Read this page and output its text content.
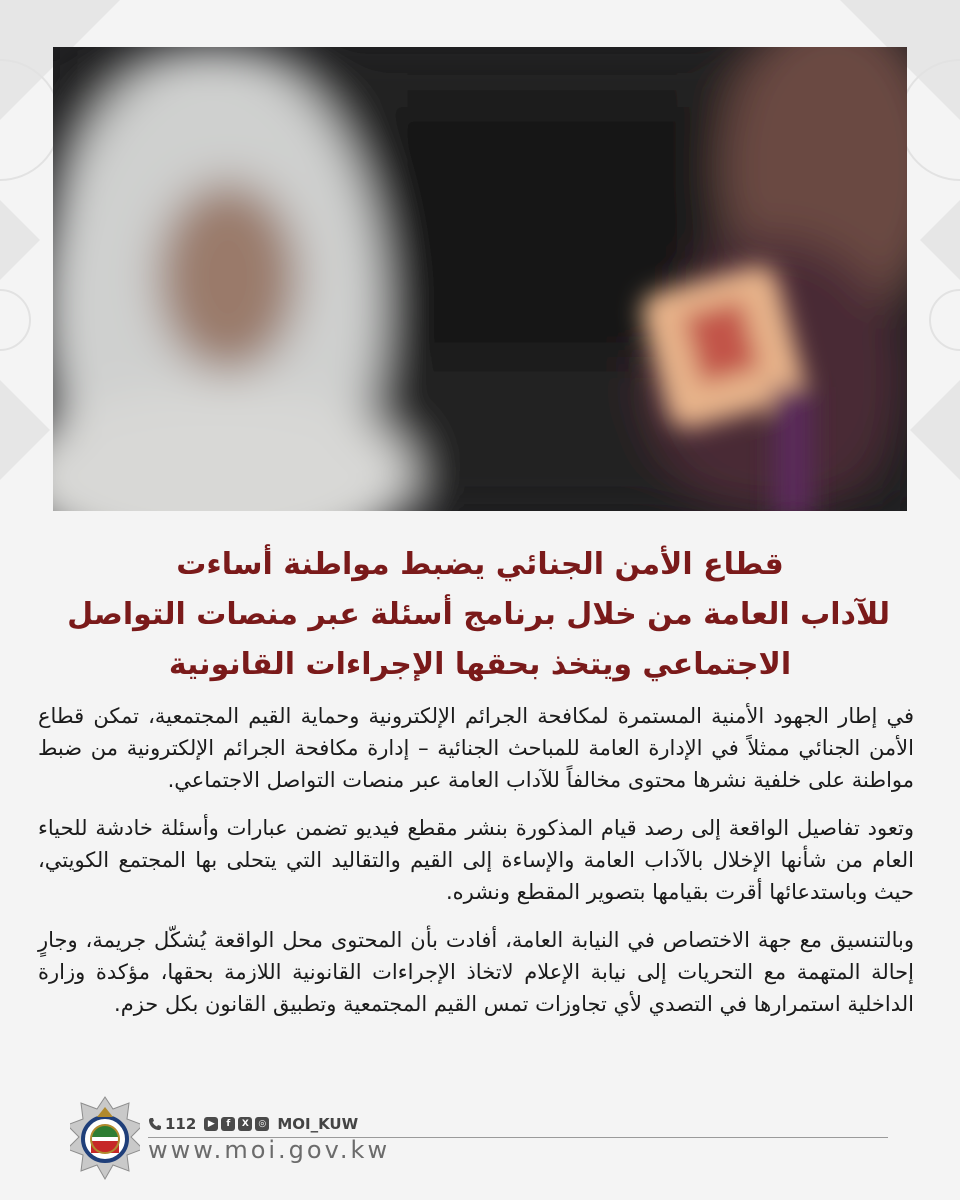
قطاع الأمن الجنائي يضبط مواطنة أساءت
للآداب العامة من خلال برنامج أسئلة عبر منصات التواصل
الاجتماعي ويتخذ بحقها الإجراءات القانونية

في إطار الجهود الأمنية المستمرة لمكافحة الجرائم الإلكترونية وحماية القيم المجتمعية، تمكن قطاع الأمن الجنائي ممثلاً في الإدارة العامة للمباحث الجنائية – إدارة مكافحة الجرائم الإلكترونية من ضبط مواطنة على خلفية نشرها محتوى مخالفاً للآداب العامة عبر منصات التواصل الاجتماعي.

وتعود تفاصيل الواقعة إلى رصد قيام المذكورة بنشر مقطع فيديو تضمن عبارات وأسئلة خادشة للحياء العام من شأنها الإخلال بالآداب العامة والإساءة إلى القيم والتقاليد التي يتحلى بها المجتمع الكويتي، حيث وباستدعائها أقرت بقيامها بتصوير المقطع ونشره.

وبالتنسيق مع جهة الاختصاص في النيابة العامة، أفادت بأن المحتوى محل الواقعة يُشكّل جريمة، وجارٍ إحالة المتهمة مع التحريات إلى نيابة الإعلام لاتخاذ الإجراءات القانونية اللازمة بحقها، مؤكدة وزارة الداخلية استمرارها في التصدي لأي تجاوزات تمس القيم المجتمعية وتطبيق القانون بكل حزم.

112	▶	f	X	◎ MOI_KUW
www.moi.gov.kw
